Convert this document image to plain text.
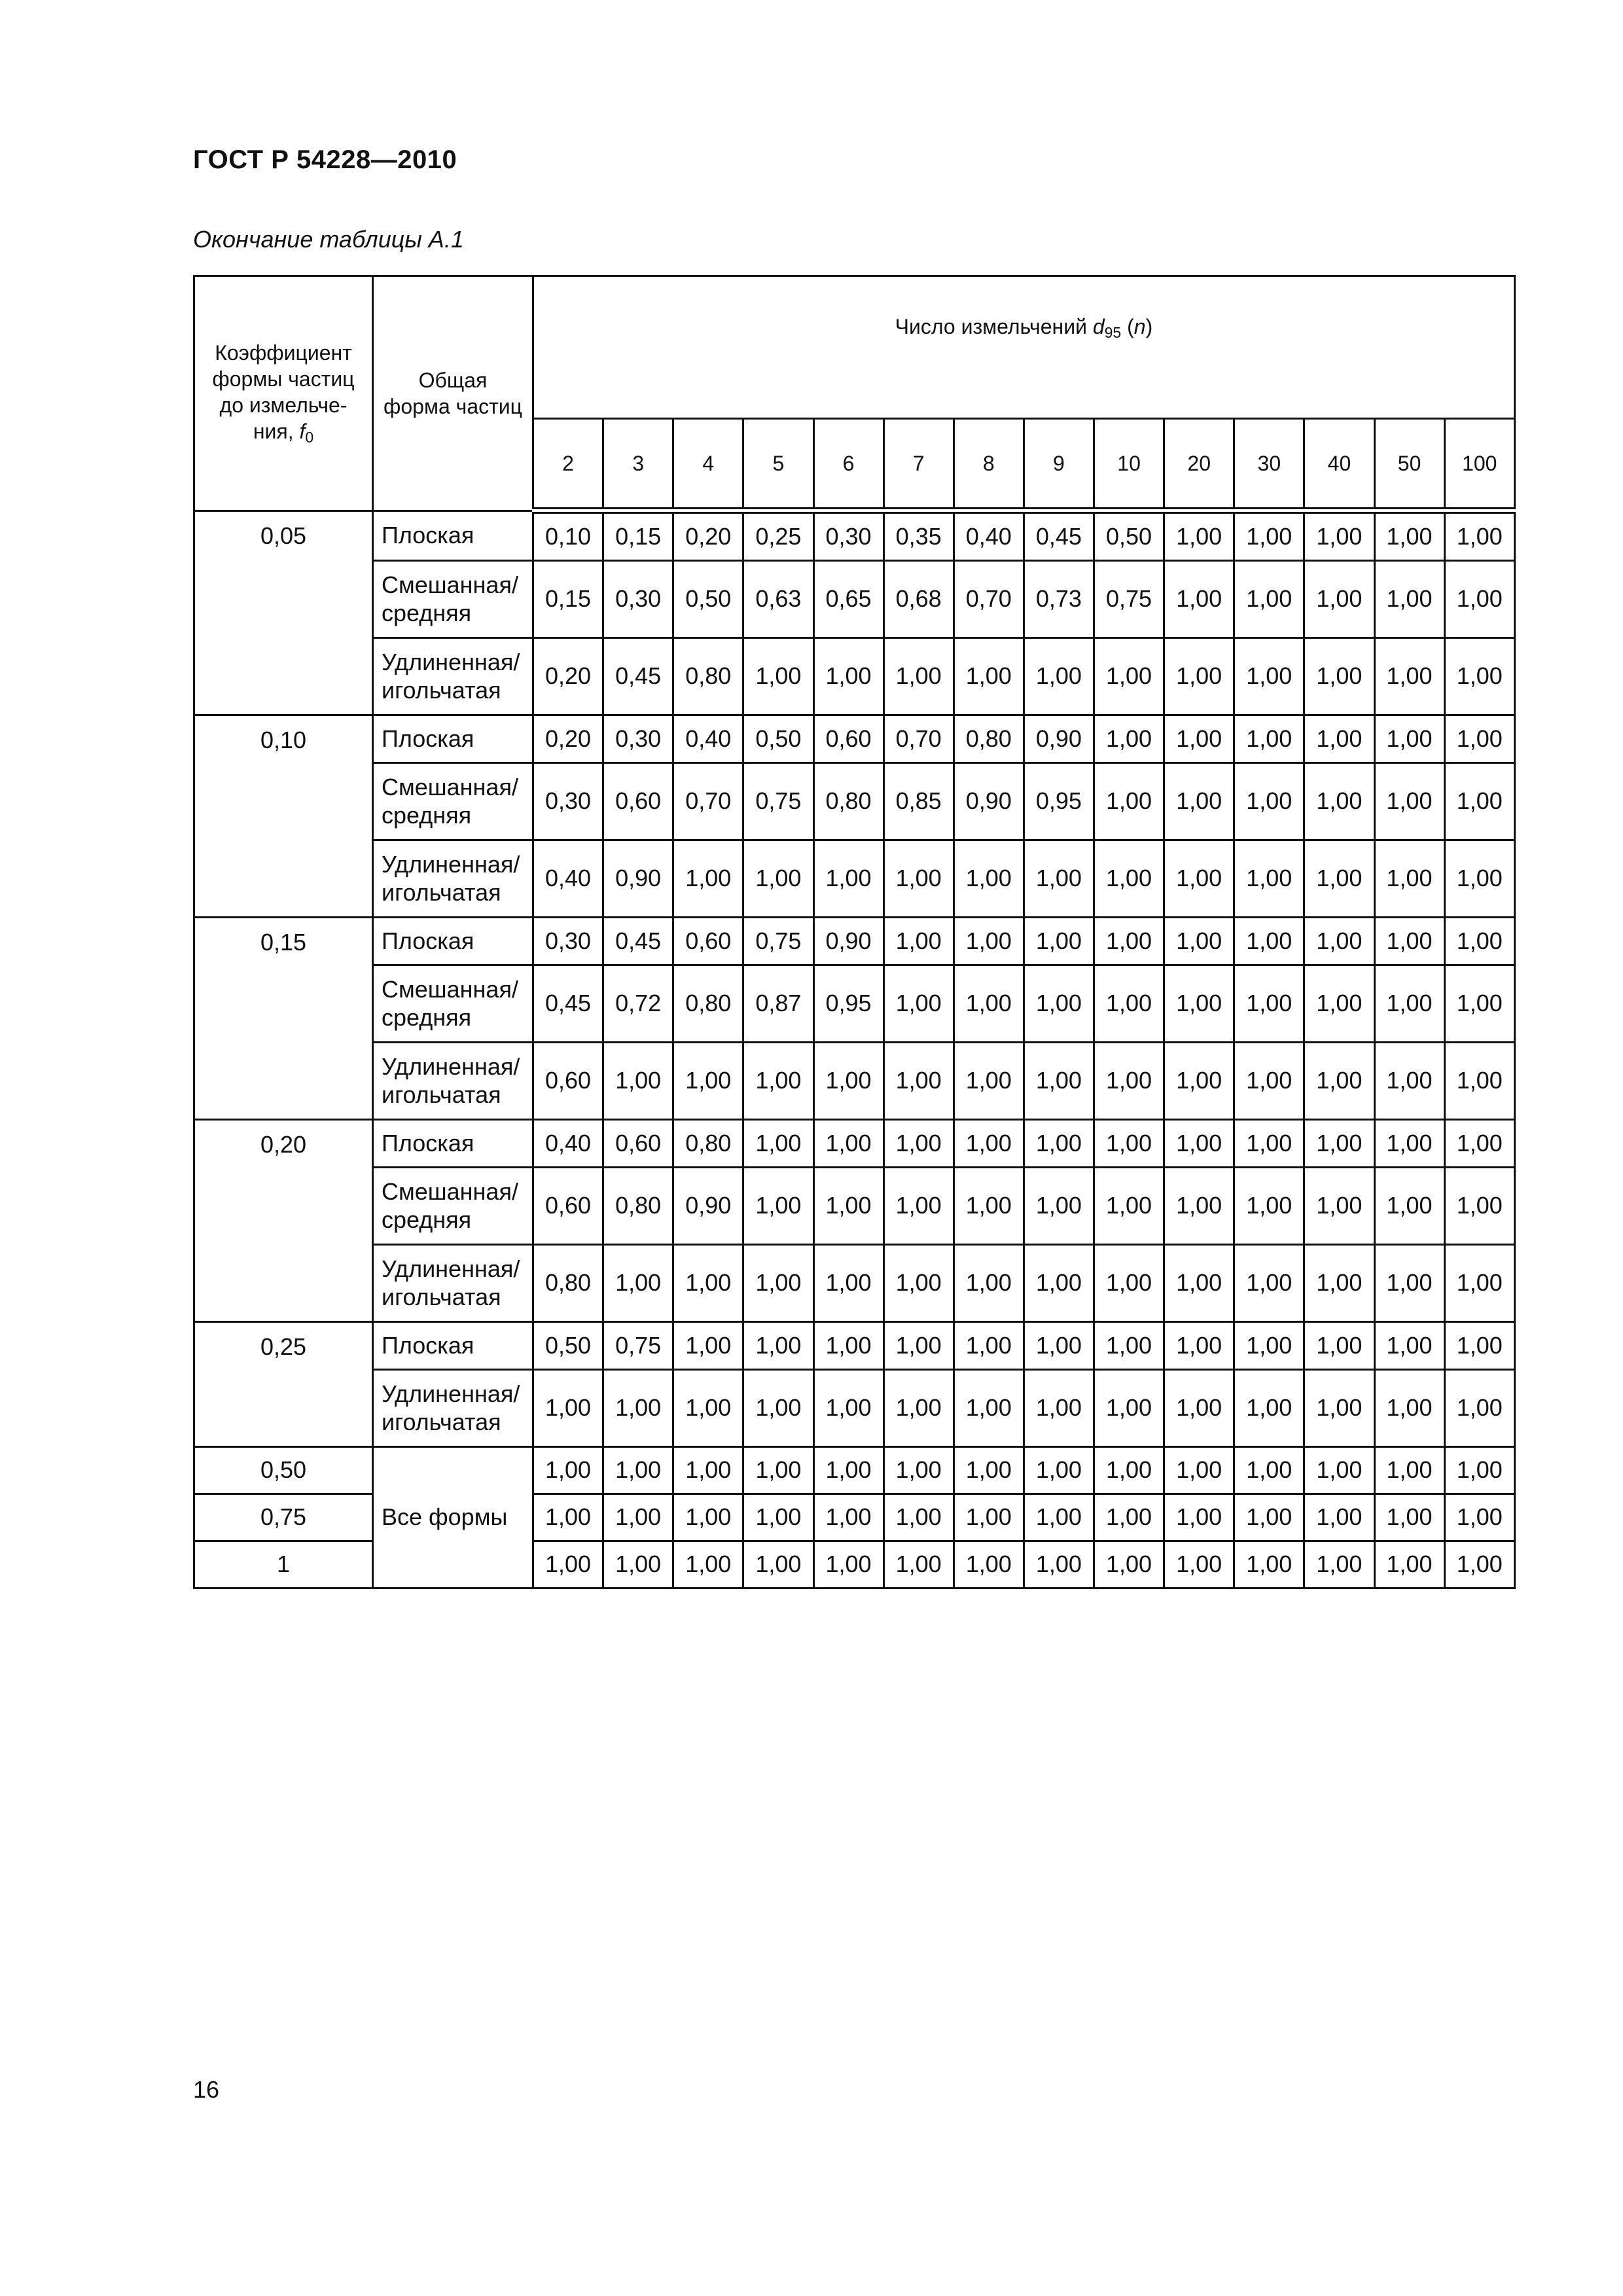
ГОСТ Р 54228—2010
Окончание таблицы А.1
Коэффициент
формы частиц
до измельче-
ния, $f_0$	Общая
форма частиц	Число измельчений $d_{95}$ (n)													
		2	3	4	5	6	7	8	9	10	20	30	40	50	100
0,05	Плоская	0,10	0,15	0,20	0,25	0,30	0,35	0,40	0,45	0,50	1,00	1,00	1,00	1,00	1,00
	Смешанная/
средняя	0,15	0,30	0,50	0,63	0,65	0,68	0,70	0,73	0,75	1,00	1,00	1,00	1,00	1,00
	Удлиненная/
игольчатая	0,20	0,45	0,80	1,00	1,00	1,00	1,00	1,00	1,00	1,00	1,00	1,00	1,00	1,00
0,10	Плоская	0,20	0,30	0,40	0,50	0,60	0,70	0,80	0,90	1,00	1,00	1,00	1,00	1,00	1,00
	Смешанная/
средняя	0,30	0,60	0,70	0,75	0,80	0,85	0,90	0,95	1,00	1,00	1,00	1,00	1,00	1,00
	Удлиненная/
игольчатая	0,40	0,90	1,00	1,00	1,00	1,00	1,00	1,00	1,00	1,00	1,00	1,00	1,00	1,00
0,15	Плоская	0,30	0,45	0,60	0,75	0,90	1,00	1,00	1,00	1,00	1,00	1,00	1,00	1,00	1,00
	Смешанная/
средняя	0,45	0,72	0,80	0,87	0,95	1,00	1,00	1,00	1,00	1,00	1,00	1,00	1,00	1,00
	Удлиненная/
игольчатая	0,60	1,00	1,00	1,00	1,00	1,00	1,00	1,00	1,00	1,00	1,00	1,00	1,00	1,00
0,20	Плоская	0,40	0,60	0,80	1,00	1,00	1,00	1,00	1,00	1,00	1,00	1,00	1,00	1,00	1,00
	Смешанная/
средняя	0,60	0,80	0,90	1,00	1,00	1,00	1,00	1,00	1,00	1,00	1,00	1,00	1,00	1,00
	Удлиненная/
игольчатая	0,80	1,00	1,00	1,00	1,00	1,00	1,00	1,00	1,00	1,00	1,00	1,00	1,00	1,00
0,25	Плоская	0,50	0,75	1,00	1,00	1,00	1,00	1,00	1,00	1,00	1,00	1,00	1,00	1,00	1,00
	Удлиненная/
игольчатая	1,00	1,00	1,00	1,00	1,00	1,00	1,00	1,00	1,00	1,00	1,00	1,00	1,00	1,00
0,50	Все формы	1,00	1,00	1,00	1,00	1,00	1,00	1,00	1,00	1,00	1,00	1,00	1,00	1,00	1,00
0,75		1,00	1,00	1,00	1,00	1,00	1,00	1,00	1,00	1,00	1,00	1,00	1,00	1,00	1,00
1		1,00	1,00	1,00	1,00	1,00	1,00	1,00	1,00	1,00	1,00	1,00	1,00	1,00	1,00
16
